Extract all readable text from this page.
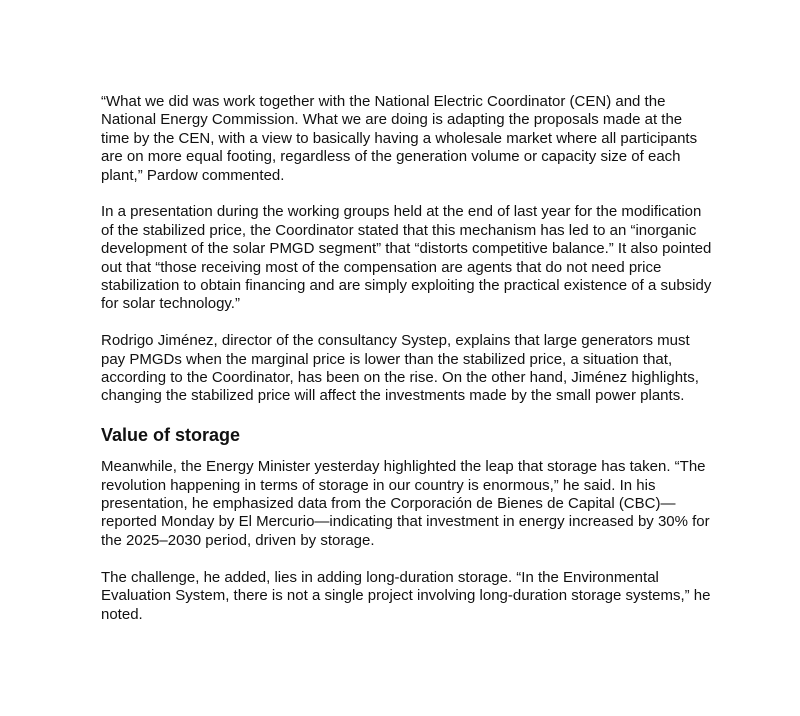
“What we did was work together with the National Electric Coordinator (CEN) and the National Energy Commission. What we are doing is adapting the proposals made at the time by the CEN, with a view to basically having a wholesale market where all participants are on more equal footing, regardless of the generation volume or capacity size of each plant,” Pardow commented.

In a presentation during the working groups held at the end of last year for the modification of the stabilized price, the Coordinator stated that this mechanism has led to an “inorganic development of the solar PMGD segment” that “distorts competitive balance.” It also pointed out that “those receiving most of the compensation are agents that do not need price stabilization to obtain financing and are simply exploiting the practical existence of a subsidy for solar technology.”

Rodrigo Jiménez, director of the consultancy Systep, explains that large generators must pay PMGDs when the marginal price is lower than the stabilized price, a situation that, according to the Coordinator, has been on the rise. On the other hand, Jiménez highlights, changing the stabilized price will affect the investments made by the small power plants.

Value of storage

Meanwhile, the Energy Minister yesterday highlighted the leap that storage has taken. “The revolution happening in terms of storage in our country is enormous,” he said. In his presentation, he emphasized data from the Corporación de Bienes de Capital (CBC)—reported Monday by El Mercurio—indicating that investment in energy increased by 30% for the 2025–2030 period, driven by storage.

The challenge, he added, lies in adding long-duration storage. “In the Environmental Evaluation System, there is not a single project involving long-duration storage systems,” he noted.
